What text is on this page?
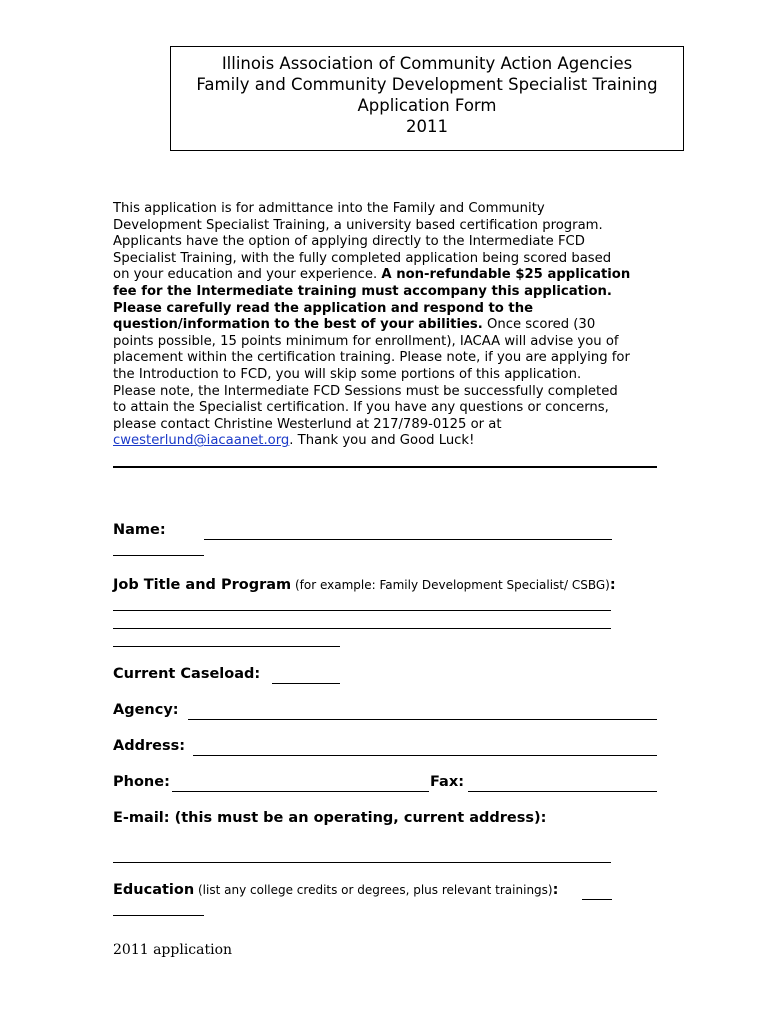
Illinois Association of Community Action Agencies
Family and Community Development Specialist Training
Application Form
2011
This application is for admittance into the Family and Community
Development Specialist Training, a university based certification program.
Applicants have the option of applying directly to the Intermediate FCD
Specialist Training, with the fully completed application being scored based
on your education and your experience. A non-refundable $25 application
fee for the Intermediate training must accompany this application.
Please carefully read the application and respond to the
question/information to the best of your abilities. Once scored (30
points possible, 15 points minimum for enrollment), IACAA will advise you of
placement within the certification training. Please note, if you are applying for
the Introduction to FCD, you will skip some portions of this application.
Please note, the Intermediate FCD Sessions must be successfully completed
to attain the Specialist certification. If you have any questions or concerns,
please contact Christine Westerlund at 217/789-0125 or at
cwesterlund@iacaanet.org. Thank you and Good Luck!
Name:
Job Title and Program (for example: Family Development Specialist/ CSBG):
Current Caseload:
Agency:
Address:
Phone:	Fax:
E-mail: (this must be an operating, current address):
Education (list any college credits or degrees, plus relevant trainings):
2011 application
